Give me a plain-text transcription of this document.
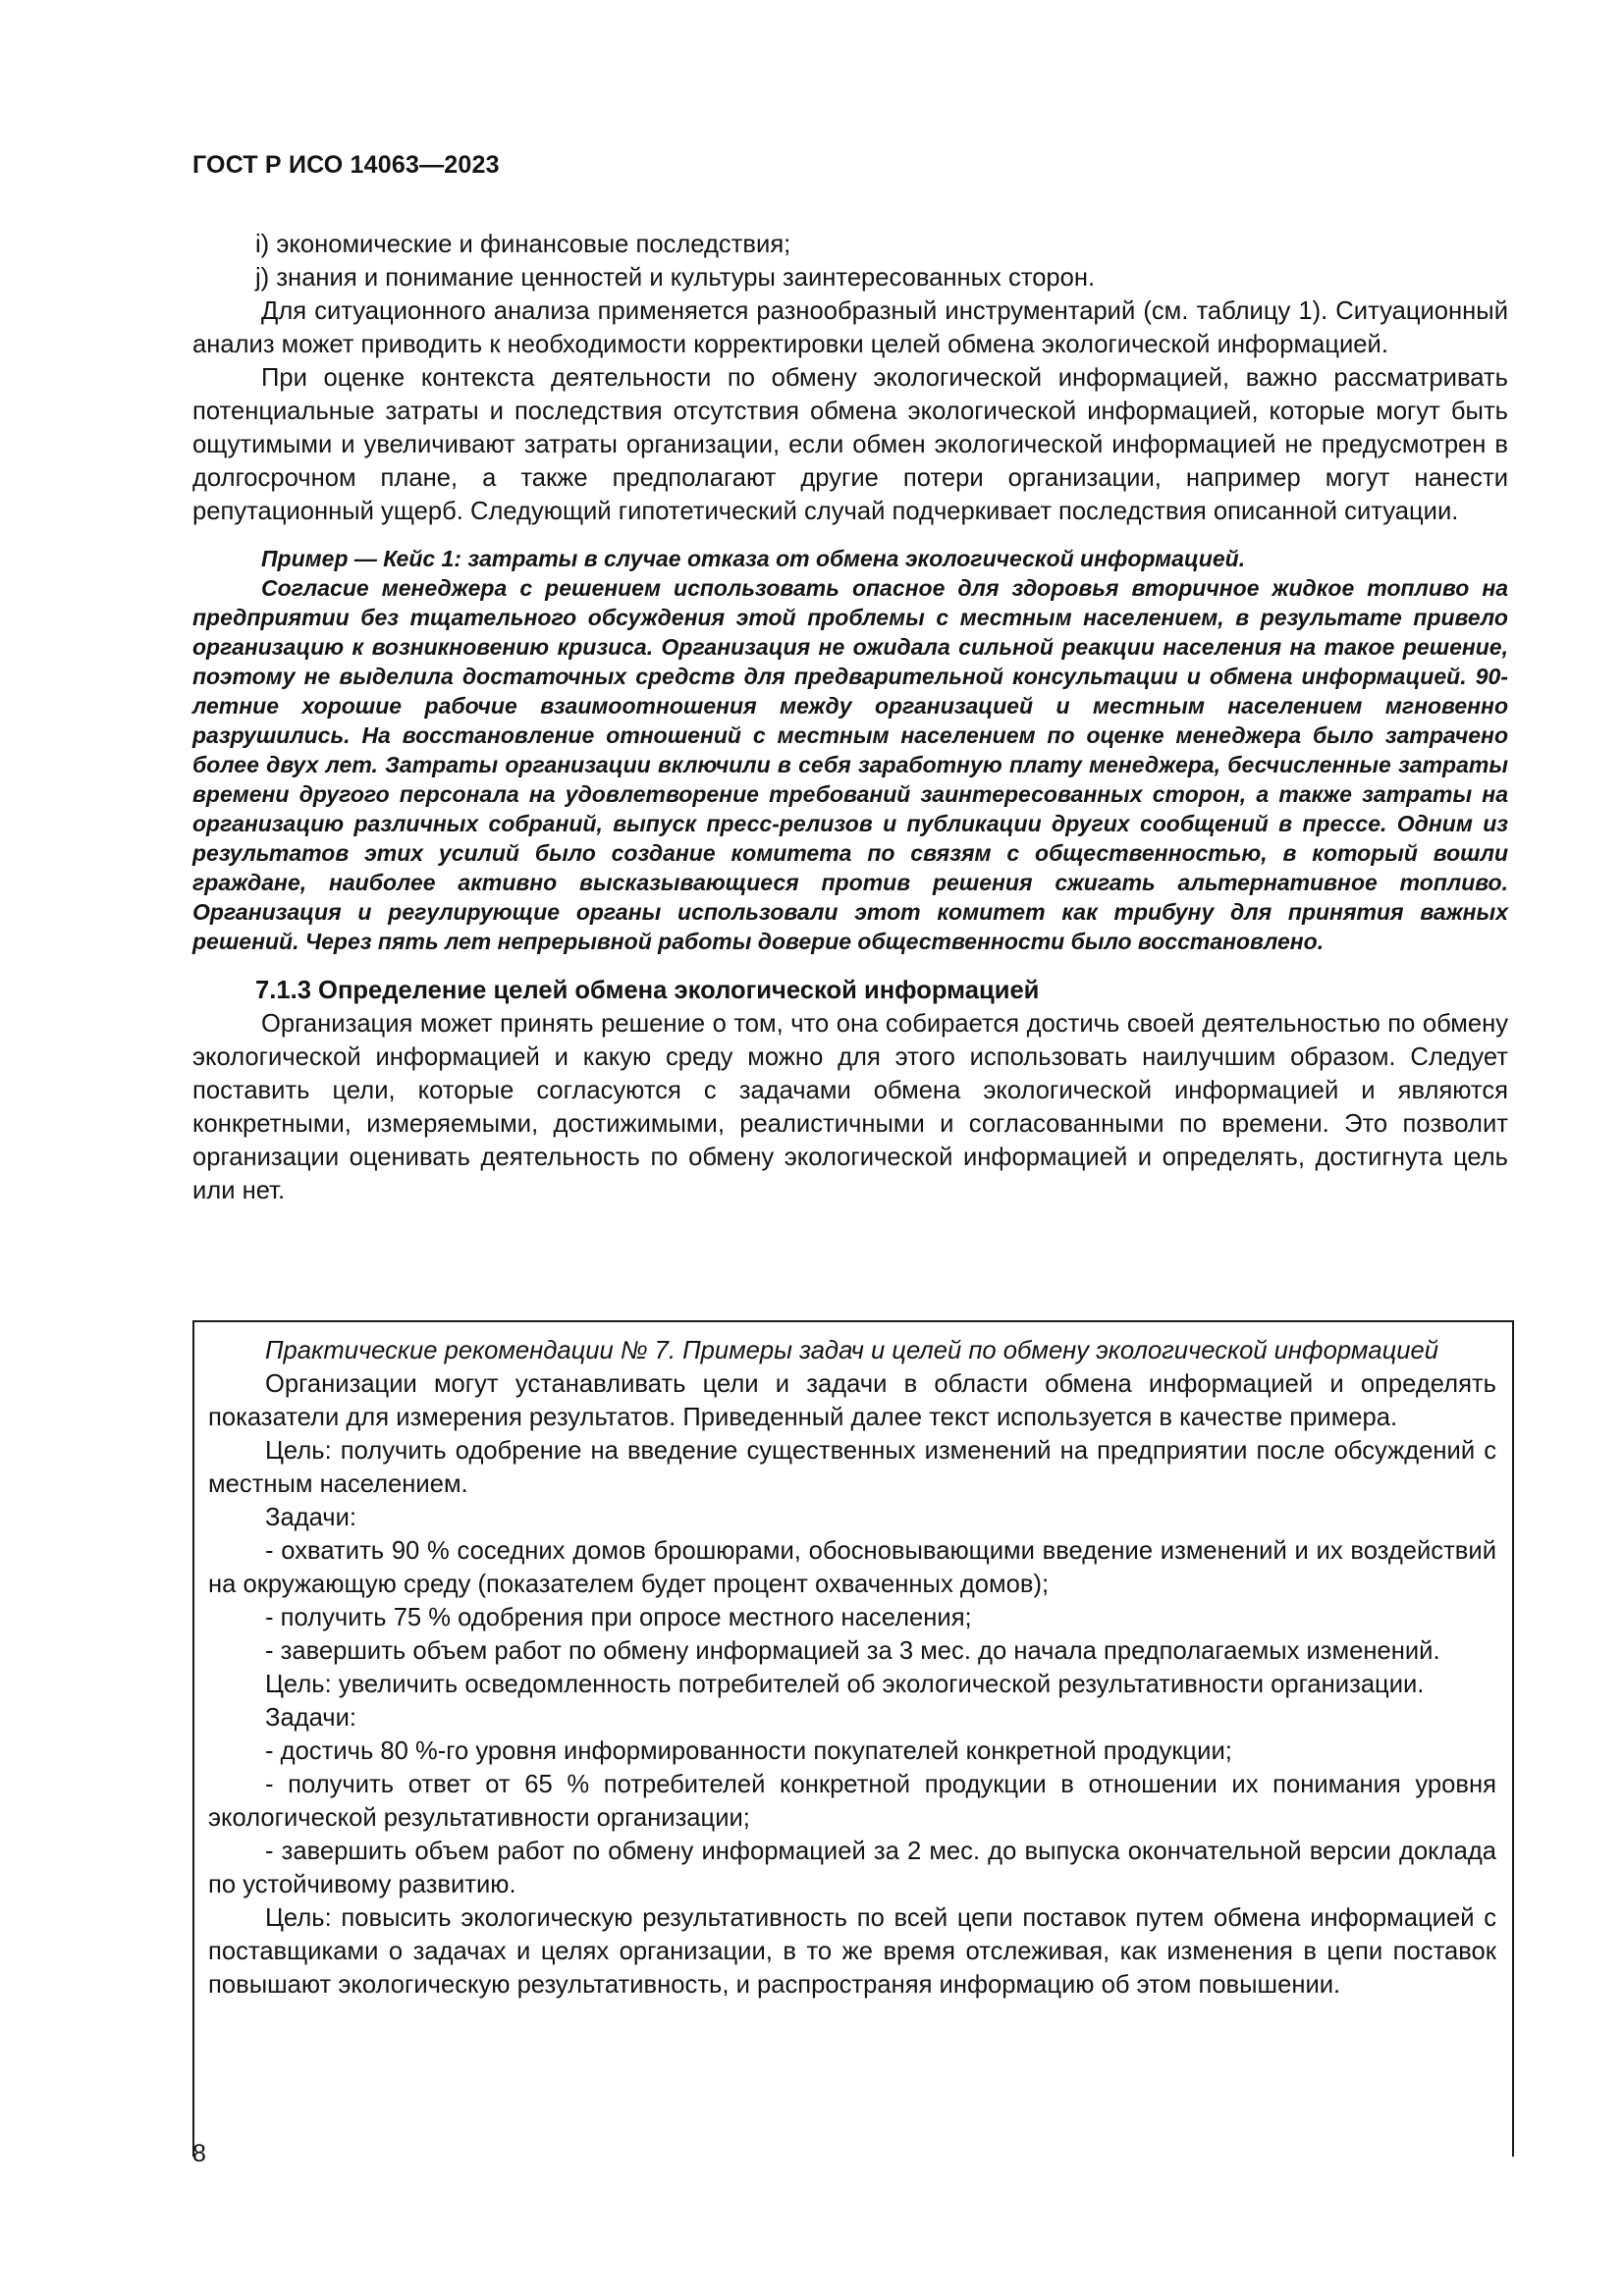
ГОСТ Р ИСО 14063—2023

i) экономические и финансовые последствия;

j) знания и понимание ценностей и культуры заинтересованных сторон.

Для ситуационного анализа применяется разнообразный инструментарий (см. таблицу 1). Ситуационный анализ может приводить к необходимости корректировки целей обмена экологической информацией.

При оценке контекста деятельности по обмену экологической информацией, важно рассматривать потенциальные затраты и последствия отсутствия обмена экологической информацией, которые могут быть ощутимыми и увеличивают затраты организации, если обмен экологической информацией не предусмотрен в долгосрочном плане, а также предполагают другие потери организации, например могут нанести репутационный ущерб. Следующий гипотетический случай подчеркивает последствия описанной ситуации.

Пример — Кейс 1: затраты в случае отказа от обмена экологической информацией.

Согласие менеджера с решением использовать опасное для здоровья вторичное жидкое топливо на предприятии без тщательного обсуждения этой проблемы с местным населением, в результате привело организацию к возникновению кризиса. Организация не ожидала сильной реакции населения на такое решение, поэтому не выделила достаточных средств для предварительной консультации и обмена информацией. 90-летние хорошие рабочие взаимоотношения между организацией и местным населением мгновенно разрушились. На восстановление отношений с местным населением по оценке менеджера было затрачено более двух лет. Затраты организации включили в себя заработную плату менеджера, бесчисленные затраты времени другого персонала на удовлетворение требований заинтересованных сторон, а также затраты на организацию различных собраний, выпуск пресс-релизов и публикации других сообщений в прессе. Одним из результатов этих усилий было создание комитета по связям с общественностью, в который вошли граждане, наиболее активно высказывающиеся против решения сжигать альтернативное топливо. Организация и регулирующие органы использовали этот комитет как трибуну для принятия важных решений. Через пять лет непрерывной работы доверие общественности было восстановлено.

7.1.3 Определение целей обмена экологической информацией

Организация может принять решение о том, что она собирается достичь своей деятельностью по обмену экологической информацией и какую среду можно для этого использовать наилучшим образом. Следует поставить цели, которые согласуются с задачами обмена экологической информацией и являются конкретными, измеряемыми, достижимыми, реалистичными и согласованными по времени. Это позволит организации оценивать деятельность по обмену экологической информацией и определять, достигнута цель или нет.

Практические рекомендации № 7. Примеры задач и целей по обмену экологической информацией

Организации могут устанавливать цели и задачи в области обмена информацией и определять показатели для измерения результатов. Приведенный далее текст используется в качестве примера.

Цель: получить одобрение на введение существенных изменений на предприятии после обсуждений с местным населением.

Задачи:

- охватить 90 % соседних домов брошюрами, обосновывающими введение изменений и их воздействий на окружающую среду (показателем будет процент охваченных домов);

- получить 75 % одобрения при опросе местного населения;

- завершить объем работ по обмену информацией за 3 мес. до начала предполагаемых изменений.

Цель: увеличить осведомленность потребителей об экологической результативности организации.

Задачи:

- достичь 80 %-го уровня информированности покупателей конкретной продукции;

- получить ответ от 65 % потребителей конкретной продукции в отношении их понимания уровня экологической результативности организации;

- завершить объем работ по обмену информацией за 2 мес. до выпуска окончательной версии доклада по устойчивому развитию.

Цель: повысить экологическую результативность по всей цепи поставок путем обмена информацией с поставщиками о задачах и целях организации, в то же время отслеживая, как изменения в цепи поставок повышают экологическую результативность, и распространяя информацию об этом повышении.

8
